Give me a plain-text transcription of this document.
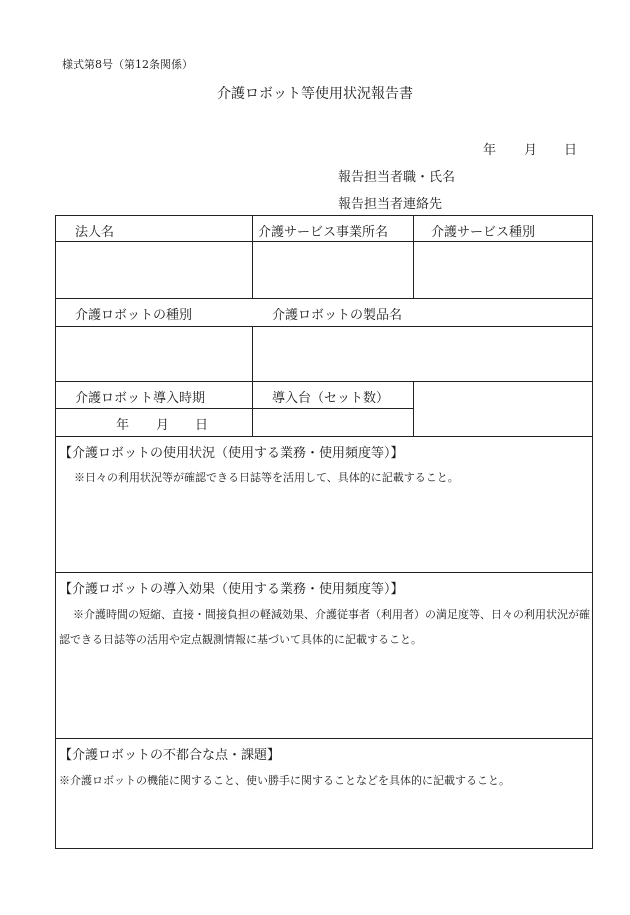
様式第8号（第12条関係）
介護ロボット等使用状況報告書
年 月 日
報告担当者職・氏名
報告担当者連絡先
法人名	介護サービス事業所名	介護サービス種別
介護ロボットの種別	介護ロボットの製品名
介護ロボット導入時期	導入台（セット数）
年 月 日
【介護ロボットの使用状況（使用する業務・使用頻度等）】
※日々の利用状況等が確認できる日誌等を活用して、具体的に記載すること。
【介護ロボットの導入効果（使用する業務・使用頻度等）】
※介護時間の短縮、直接・間接負担の軽減効果、介護従事者（利用者）の満足度等、日々の利用状況が確認できる日誌等の活用や定点観測情報に基づいて具体的に記載すること。
【介護ロボットの不都合な点・課題】
※介護ロボットの機能に関すること、使い勝手に関することなどを具体的に記載すること。
